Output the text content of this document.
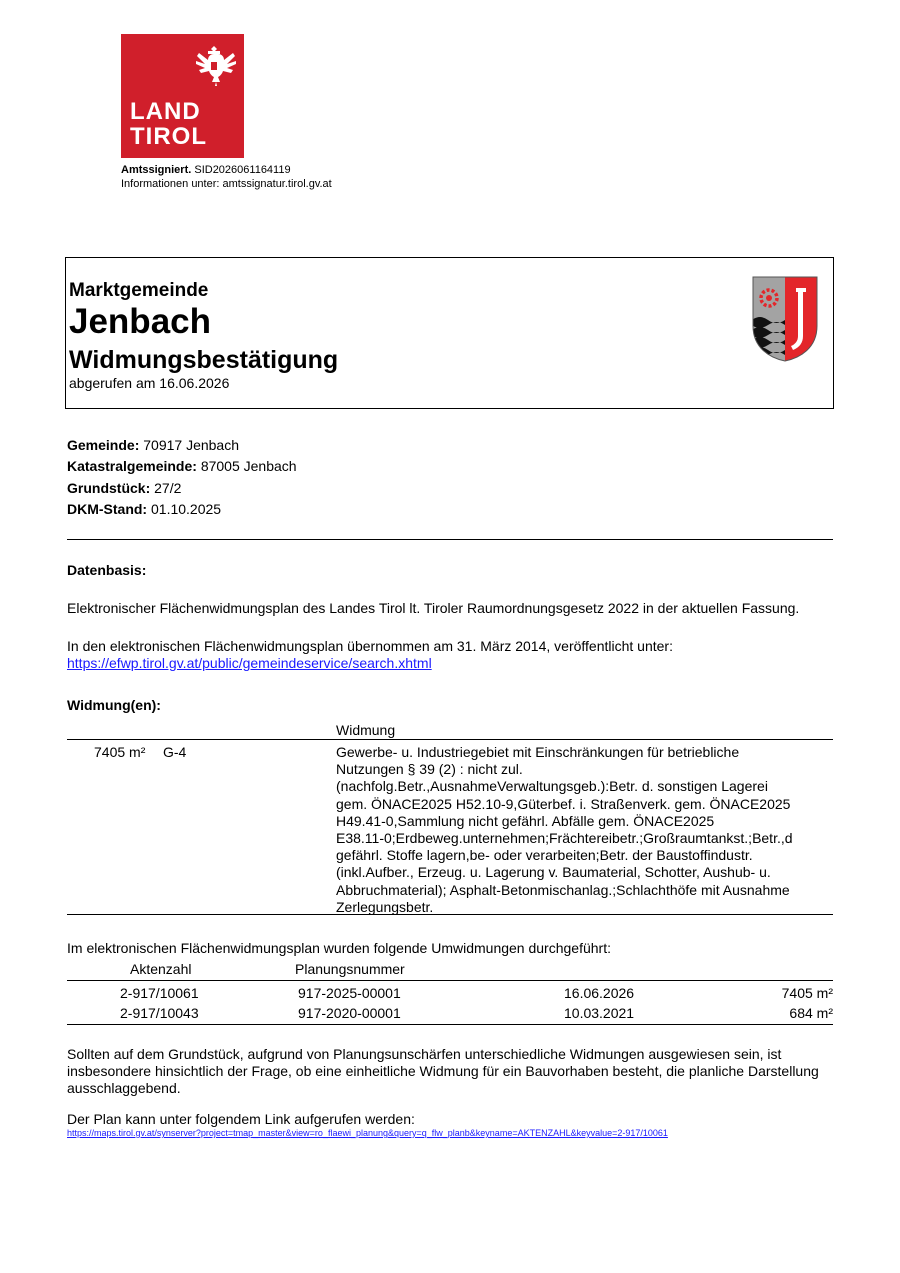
LAND
TIROL
Amtssigniert. SID2026061164119
Informationen unter: amtssignatur.tirol.gv.at
Marktgemeinde
Jenbach
Widmungsbestätigung
abgerufen am 16.06.2026
Gemeinde: 70917 Jenbach
Katastralgemeinde: 87005 Jenbach
Grundstück: 27/2
DKM-Stand: 01.10.2025
Datenbasis:
Elektronischer Flächenwidmungsplan des Landes Tirol lt. Tiroler Raumordnungsgesetz 2022 in der aktuellen Fassung.
In den elektronischen Flächenwidmungsplan übernommen am 31. März 2014, veröffentlicht unter:
https://efwp.tirol.gv.at/public/gemeindeservice/search.xhtml
Widmung(en):
Widmung
7405 m² G-4	Gewerbe- u. Industriegebiet mit Einschränkungen für betriebliche
Nutzungen § 39 (2) : nicht zul.
(nachfolg.Betr.,AusnahmeVerwaltungsgeb.):Betr. d. sonstigen Lagerei
gem. ÖNACE2025 H52.10-9,Güterbef. i. Straßenverk. gem. ÖNACE2025
H49.41-0,Sammlung nicht gefährl. Abfälle gem. ÖNACE2025
E38.11-0;Erdbeweg.unternehmen;Frächtereibetr.;Großraumtankst.;Betr.,d
gefährl. Stoffe lagern,be- oder verarbeiten;Betr. der Baustoffindustr.
(inkl.Aufber., Erzeug. u. Lagerung v. Baumaterial, Schotter, Aushub- u.
Abbruchmaterial); Asphalt-Betonmischanlag.;Schlachthöfe mit Ausnahme
Zerlegungsbetr.
Im elektronischen Flächenwidmungsplan wurden folgende Umwidmungen durchgeführt:
Aktenzahl	Planungsnummer
2-917/10061	917-2025-00001	16.06.2026	7405 m²
2-917/10043	917-2020-00001	10.03.2021	684 m²
Sollten auf dem Grundstück, aufgrund von Planungsunschärfen unterschiedliche Widmungen ausgewiesen sein, ist insbesondere hinsichtlich der Frage, ob eine einheitliche Widmung für ein Bauvorhaben besteht, die planliche Darstellung ausschlaggebend.
Der Plan kann unter folgendem Link aufgerufen werden:
https://maps.tirol.gv.at/synserver?project=tmap_master&view=ro_flaewi_planung&query=q_flw_planb&keyname=AKTENZAHL&keyvalue=2-917/10061
